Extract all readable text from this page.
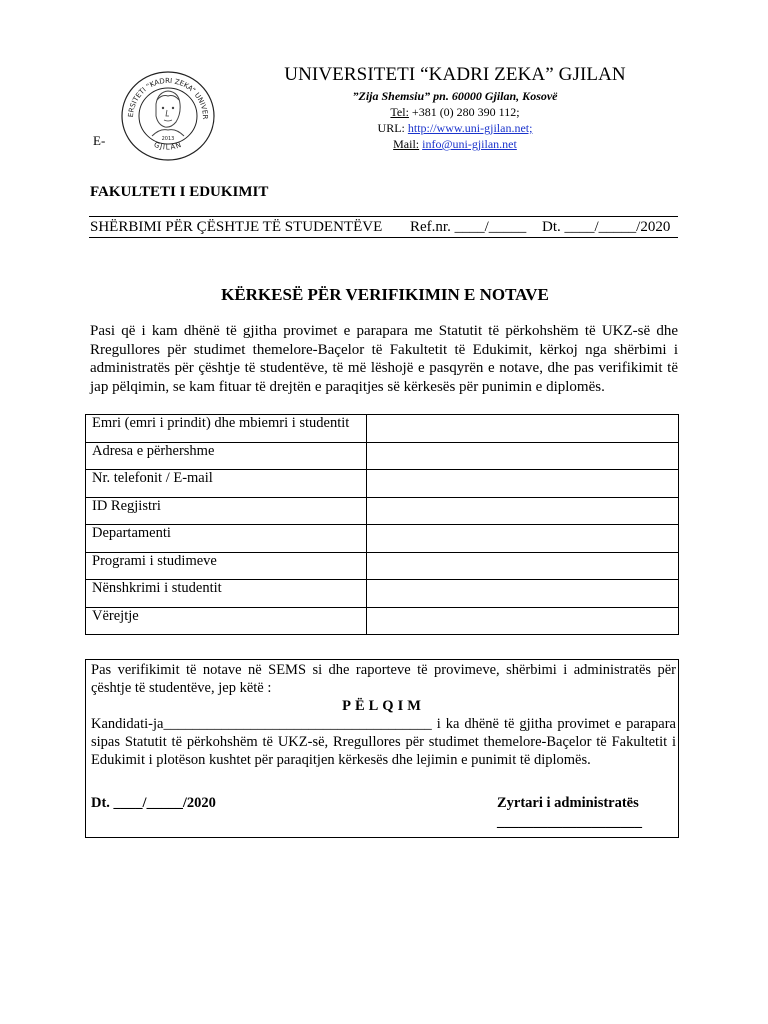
ERSITETI “KADRI ZEKA” UNIVER
GJILAN
2013
E-
UNIVERSITETI “KADRI ZEKA” GJILAN
”Zija Shemsiu” pn. 60000 Gjilan, Kosovë
Tel: +381 (0) 280 390 112;
URL: http://www.uni-gjilan.net;
Mail: info@uni-gjilan.net
FAKULTETI I EDUKIMIT
SHËRBIMI PËR ÇËSHTJE TË STUDENTËVE Ref.nr. ____/_____ Dt. ____/_____/2020
KËRKESË PËR VERIFIKIMIN E NOTAVE
Pasi që i kam dhënë të gjitha provimet e parapara me Statutit të përkohshëm të UKZ-së dhe Rregullores për studimet themelore-Baçelor të Fakultetit të Edukimit, kërkoj nga shërbimi i administratës për çështje të studentëve, të më lëshojë e pasqyrën e notave, dhe pas verifikimit të jap pëlqimin, se kam fituar të drejtën e paraqitjes së kërkesës për punimin e diplomës.
Emri (emri i prindit) dhe mbiemri i studentit	
Adresa e përhershme	
Nr. telefonit / E-mail	
ID Regjistri	
Departamenti	
Programi i studimeve	
Nënshkrimi i studentit	
Vërejtje	
Pas verifikimit të notave në SEMS si dhe raporteve të provimeve, shërbimi i administratës për çështje të studentëve, jep këtë :
PËLQIM
Kandidati-ja_____________________________________ i ka dhënë të gjitha provimet e parapara sipas Statutit të përkohshëm të UKZ-së, Rregullores për studimet themelore-Baçelor të Fakultetit i Edukimit i plotëson kushtet për paraqitjen kërkesës dhe lejimin e punimit të diplomës.
Dt. ____/_____/2020	Zyrtari i administratës
____________________
